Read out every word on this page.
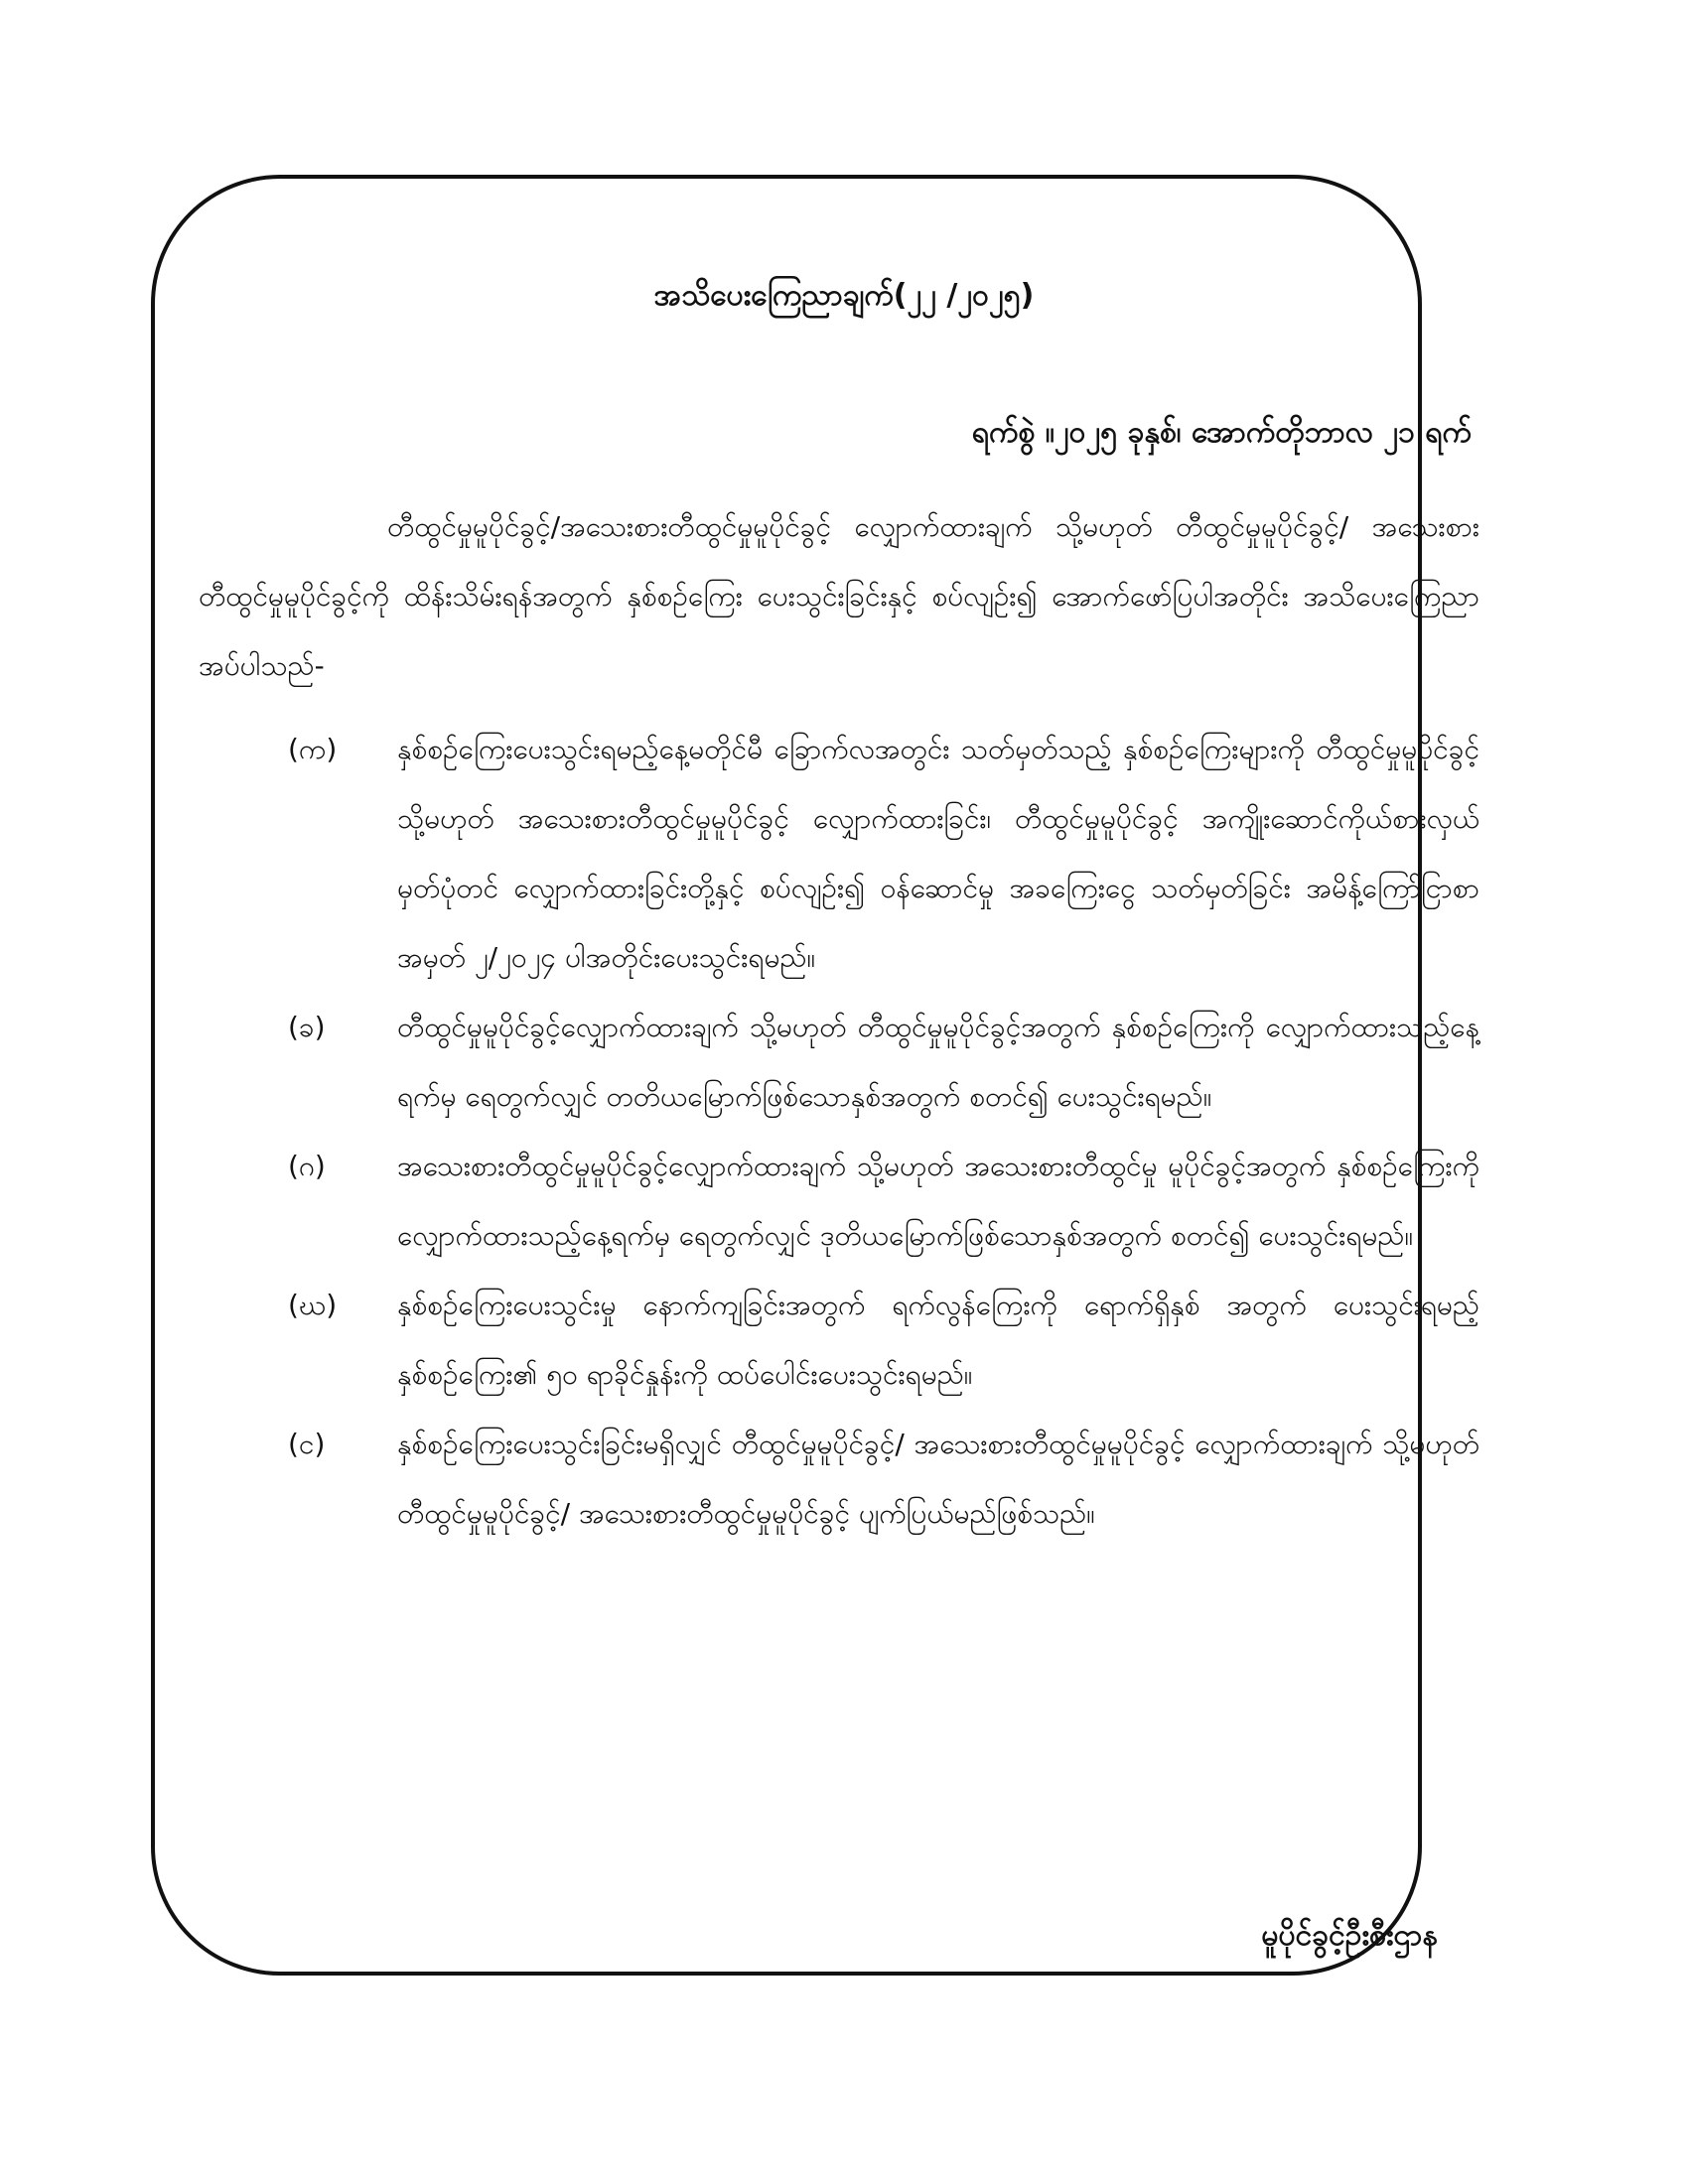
အသိပေးကြေညာချက်(၂၂ /၂၀၂၅)
ရက်စွဲ ။၂၀၂၅ ခုနှစ်၊ အောက်တိုဘာလ ၂၁ ရက်
တီထွင်မှုမူပိုင်ခွင့်/အသေးစားတီထွင်မှုမူပိုင်ခွင့် လျှောက်ထားချက် သို့မဟုတ် တီထွင်မှုမူပိုင်ခွင့်/ အသေးစားတီထွင်မှုမူပိုင်ခွင့်ကို ထိန်းသိမ်းရန်အတွက် နှစ်စဉ်ကြေး ပေးသွင်းခြင်းနှင့် စပ်လျဉ်း၍ အောက်ဖော်ပြပါအတိုင်း အသိပေးကြေညာအပ်ပါသည်-
(က)	နှစ်စဉ်ကြေးပေးသွင်းရမည့်နေ့မတိုင်မီ ခြောက်လအတွင်း သတ်မှတ်သည့် နှစ်စဉ်ကြေးများကို တီထွင်မှုမူပိုင်ခွင့် သို့မဟုတ် အသေးစားတီထွင်မှုမူပိုင်ခွင့် လျှောက်ထားခြင်း၊ တီထွင်မှုမူပိုင်ခွင့် အကျိုးဆောင်ကိုယ်စားလှယ် မှတ်ပုံတင် လျှောက်ထားခြင်းတို့နှင့် စပ်လျဉ်း၍ ဝန်ဆောင်မှု အခကြေးငွေ သတ်မှတ်ခြင်း အမိန့်ကြော်ငြာစာအမှတ် ၂/၂၀၂၄ ပါအတိုင်းပေးသွင်းရမည်။
(ခ)	တီထွင်မှုမူပိုင်ခွင့်လျှောက်ထားချက် သို့မဟုတ် တီထွင်မှုမူပိုင်ခွင့်အတွက် နှစ်စဉ်ကြေးကို လျှောက်ထားသည့်နေ့ရက်မှ ရေတွက်လျှင် တတိယမြောက်ဖြစ်သောနှစ်အတွက် စတင်၍ ပေးသွင်းရမည်။
(ဂ)	အသေးစားတီထွင်မှုမူပိုင်ခွင့်လျှောက်ထားချက် သို့မဟုတ် အသေးစားတီထွင်မှု မူပိုင်ခွင့်အတွက် နှစ်စဉ်ကြေးကို လျှောက်ထားသည့်နေ့ရက်မှ ရေတွက်လျှင် ဒုတိယမြောက်ဖြစ်သောနှစ်အတွက် စတင်၍ ပေးသွင်းရမည်။
(ဃ)	နှစ်စဉ်ကြေးပေးသွင်းမှု နောက်ကျခြင်းအတွက် ရက်လွန်ကြေးကို ရောက်ရှိနှစ် အတွက် ပေးသွင်းရမည့် နှစ်စဉ်ကြေး၏ ၅၀ ရာခိုင်နှုန်းကို ထပ်ပေါင်းပေးသွင်းရမည်။
(င)	နှစ်စဉ်ကြေးပေးသွင်းခြင်းမရှိလျှင် တီထွင်မှုမူပိုင်ခွင့်/ အသေးစားတီထွင်မှုမူပိုင်ခွင့် လျှောက်ထားချက် သို့မဟုတ် တီထွင်မှုမူပိုင်ခွင့်/ အသေးစားတီထွင်မှုမူပိုင်ခွင့် ပျက်ပြယ်မည်ဖြစ်သည်။
မူပိုင်ခွင့်ဦးစီးဌာန
